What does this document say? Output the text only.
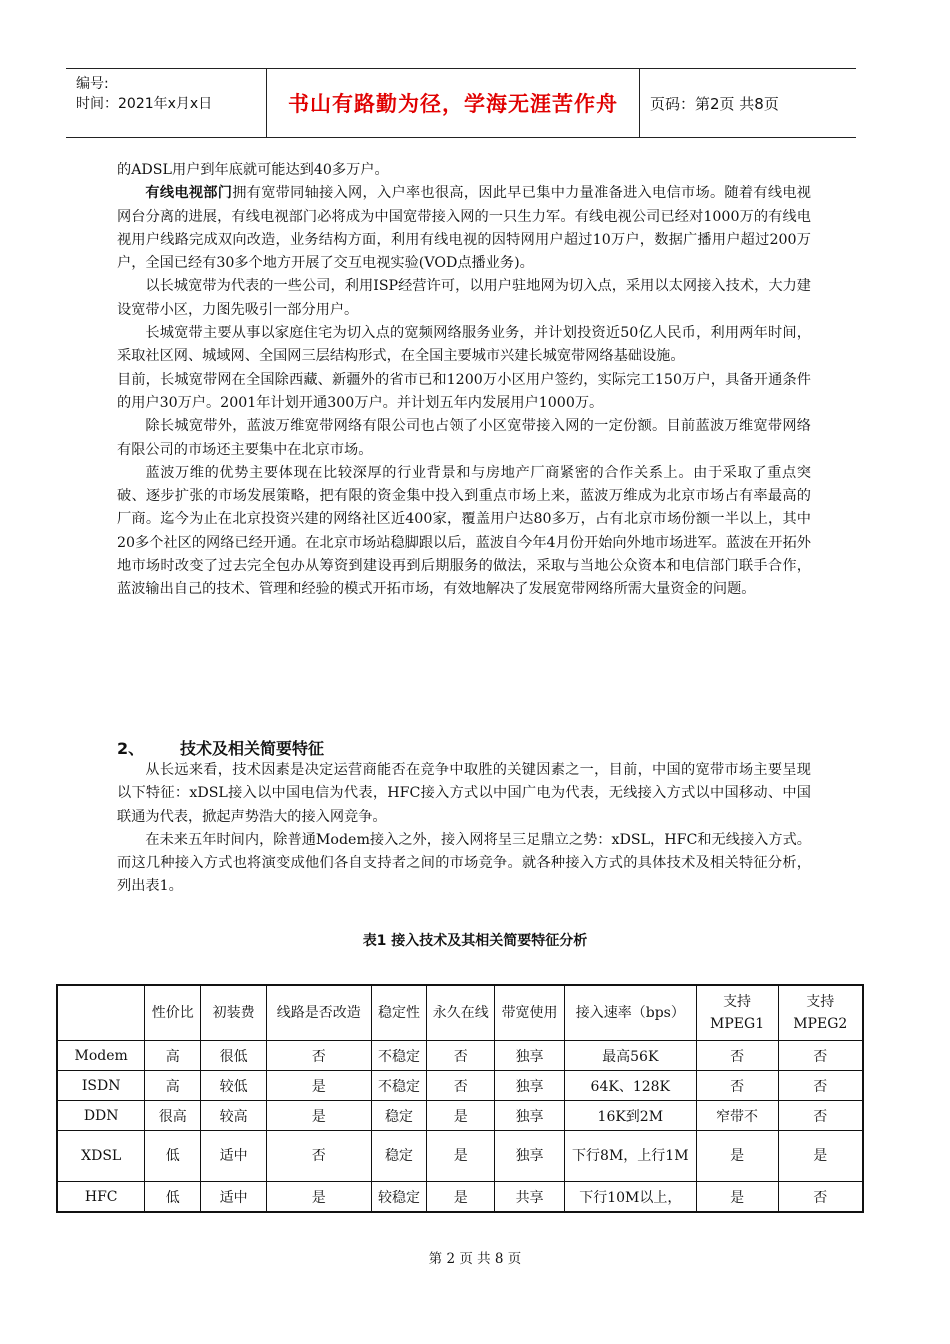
编号:
时间：2021年x月x日	书山有路勤为径，学海无涯苦作舟	页码：第2页 共8页

的ADSL用户到年底就可能达到40多万户。

有线电视部门拥有宽带同轴接入网，入户率也很高，因此早已集中力量准备进入电信市场。随着有线电视网台分离的进展，有线电视部门必将成为中国宽带接入网的一只生力军。有线电视公司已经对1000万的有线电视用户线路完成双向改造，业务结构方面，利用有线电视的因特网用户超过10万户，数据广播用户超过200万户，全国已经有30多个地方开展了交互电视实验(VOD点播业务)。

以长城宽带为代表的一些公司，利用ISP经营许可，以用户驻地网为切入点，采用以太网接入技术，大力建设宽带小区，力图先吸引一部分用户。

长城宽带主要从事以家庭住宅为切入点的宽频网络服务业务，并计划投资近50亿人民币，利用两年时间，采取社区网、城域网、全国网三层结构形式，在全国主要城市兴建长城宽带网络基础设施。

目前，长城宽带网在全国除西藏、新疆外的省市已和1200万小区用户签约，实际完工150万户，具备开通条件的用户30万户。2001年计划开通300万户。并计划五年内发展用户1000万。

除长城宽带外，蓝波万维宽带网络有限公司也占领了小区宽带接入网的一定份额。目前蓝波万维宽带网络有限公司的市场还主要集中在北京市场。

蓝波万维的优势主要体现在比较深厚的行业背景和与房地产厂商紧密的合作关系上。由于采取了重点突破、逐步扩张的市场发展策略，把有限的资金集中投入到重点市场上来，蓝波万维成为北京市场占有率最高的厂商。迄今为止在北京投资兴建的网络社区近400家，覆盖用户达80多万，占有北京市场份额一半以上，其中20多个社区的网络已经开通。在北京市场站稳脚跟以后，蓝波自今年4月份开始向外地市场进军。蓝波在开拓外地市场时改变了过去完全包办从筹资到建设再到后期服务的做法，采取与当地公众资本和电信部门联手合作，蓝波输出自己的技术、管理和经验的模式开拓市场，有效地解决了发展宽带网络所需大量资金的问题。

2、 技术及相关简要特征

从长远来看，技术因素是决定运营商能否在竞争中取胜的关键因素之一，目前，中国的宽带市场主要呈现以下特征：xDSL接入以中国电信为代表，HFC接入方式以中国广电为代表，无线接入方式以中国移动、中国联通为代表，掀起声势浩大的接入网竞争。

在未来五年时间内，除普通Modem接入之外，接入网将呈三足鼎立之势：xDSL，HFC和无线接入方式。而这几种接入方式也将演变成他们各自支持者之间的市场竞争。就各种接入方式的具体技术及相关特征分析，列出表1。

表1 接入技术及其相关简要特征分析
	性价比	初装费	线路是否改造	稳定性	永久在线	带宽使用	接入速率（bps）	支持MPEG1	支持MPEG2
Modem	高	很低	否	不稳定	否	独享	最高56K	否	否
ISDN	高	较低	是	不稳定	否	独享	64K、128K	否	否
DDN	很高	较高	是	稳定	是	独享	16K到2M	窄带不	否
XDSL	低	适中	否	稳定	是	独享	下行8M，上行1M	是	是
HFC	低	适中	是	较稳定	是	共享	下行10M以上，	是	否
第 2 页 共 8 页
